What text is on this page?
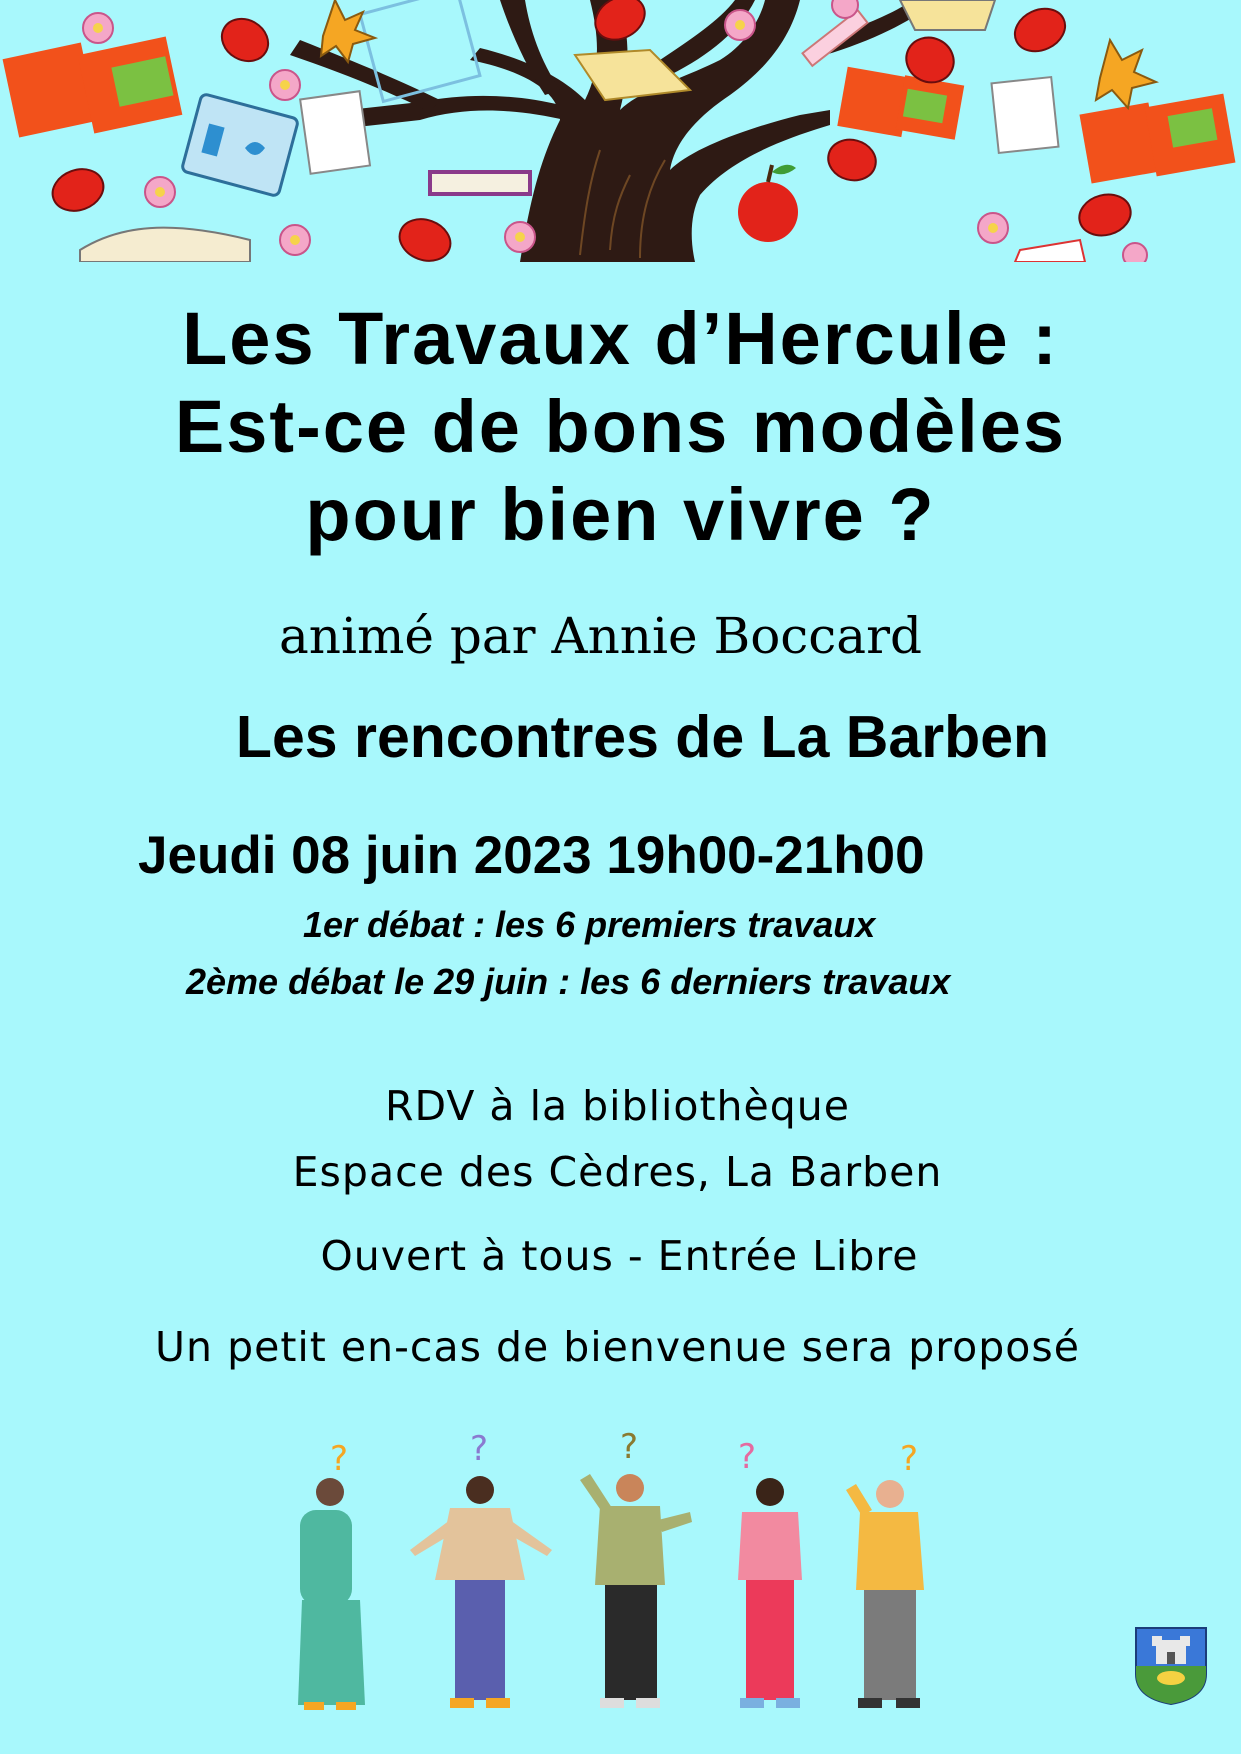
Les Travaux d’Hercule :
Est-ce de bons modèles
pour bien vivre ?
animé par Annie Boccard
Les rencontres de La Barben
Jeudi 08 juin 2023 19h00-21h00
1er débat : les 6 premiers travaux
2ème débat le 29 juin : les 6 derniers travaux
RDV à la bibliothèque
Espace des Cèdres, La Barben
Ouvert à tous - Entrée Libre
Un petit en-cas de bienvenue sera proposé
?	?	?	?	?
